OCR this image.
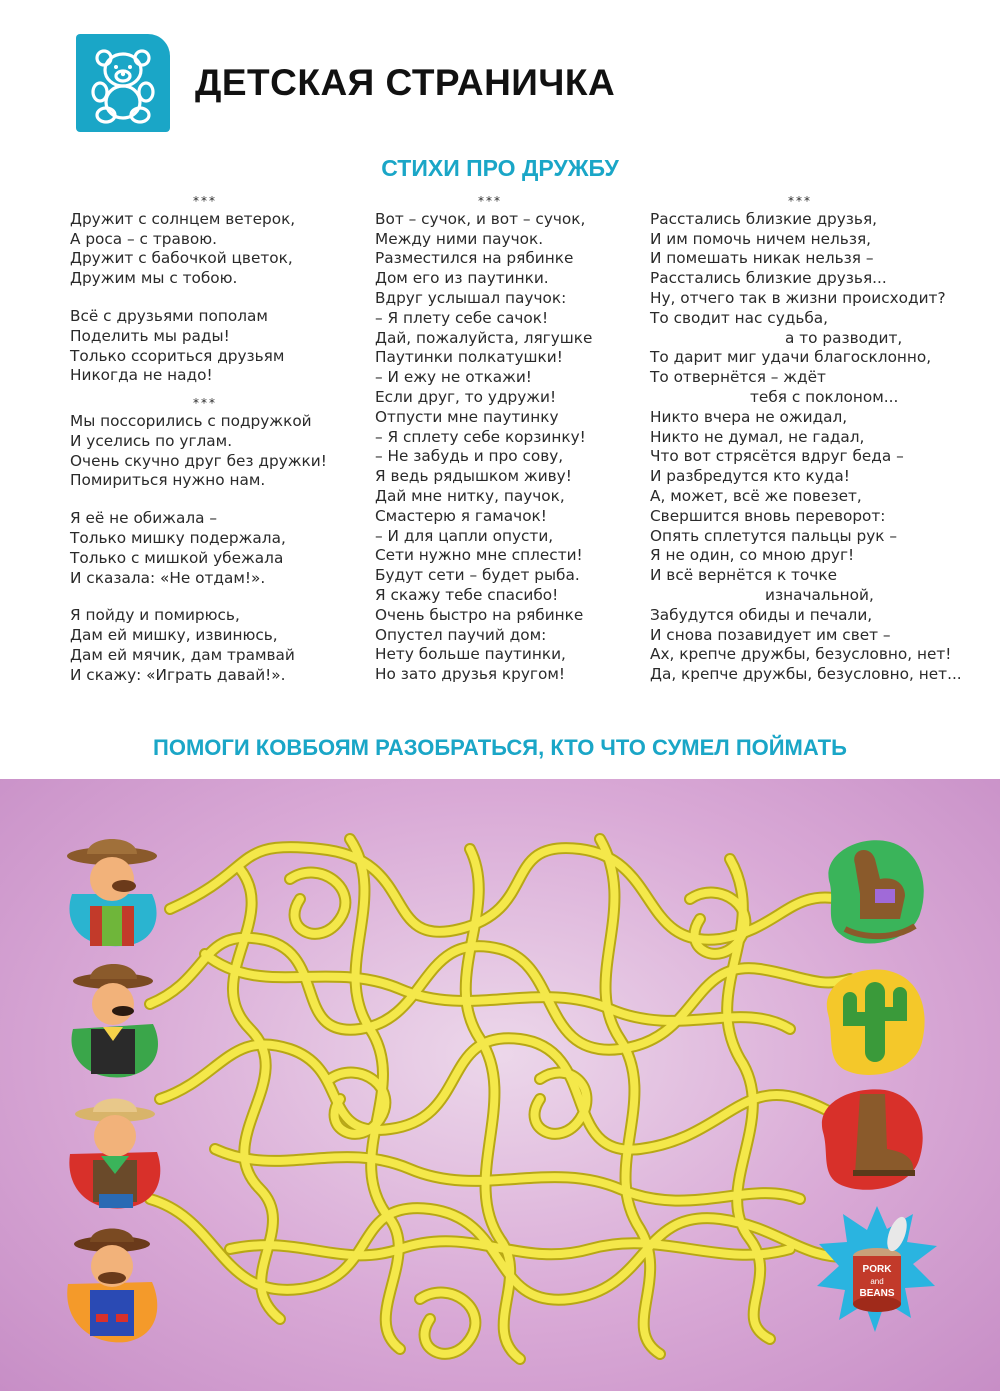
ДЕТСКАЯ СТРАНИЧКА
СТИХИ ПРО ДРУЖБУ
***
Дружит с солнцем ветерок,
А роса – с травою.
Дружит с бабочкой цветок,
Дружим мы с тобою.
Всё с друзьями пополам
Поделить мы рады!
Только ссориться друзьям
Никогда не надо!
***
Мы поссорились с подружкой
И уселись по углам.
Очень скучно друг без дружки!
Помириться нужно нам.
Я её не обижала –
Только мишку подержала,
Только с мишкой убежала
И сказала: «Не отдам!».
Я пойду и помирюсь,
Дам ей мишку, извинюсь,
Дам ей мячик, дам трамвай
И скажу: «Играть давай!».
***
Вот – сучок, и вот – сучок,
Между ними паучок.
Разместился на рябинке
Дом его из паутинки.
Вдруг услышал паучок:
– Я плету себе сачок!
Дай, пожалуйста, лягушке
Паутинки полкатушки!
– И ежу не откажи!
Если друг, то удружи!
Отпусти мне паутинку
– Я сплету себе корзинку!
– Не забудь и про сову,
Я ведь рядышком живу!
Дай мне нитку, паучок,
Смастерю я гамачок!
– И для цапли опусти,
Сети нужно мне сплести!
Будут сети – будет рыба.
Я скажу тебе спасибо!
Очень быстро на рябинке
Опустел паучий дом:
Нету больше паутинки,
Но зато друзья кругом!
***
Расстались близкие друзья,
И им помочь ничем нельзя,
И помешать никак нельзя –
Расстались близкие друзья...
Ну, отчего так в жизни происходит?
То сводит нас судьба,
а то разводит,
То дарит миг удачи благосклонно,
То отвернётся – ждёт
тебя с поклоном...
Никто вчера не ожидал,
Никто не думал, не гадал,
Что вот стрясётся вдруг беда –
И разбредутся кто куда!
А, может, всё же повезет,
Свершится вновь переворот:
Опять сплетутся пальцы рук –
Я не один, со мною друг!
И всё вернётся к точке
изначальной,
Забудутся обиды и печали,
И снова позавидует им свет –
Ах, крепче дружбы, безусловно, нет!
Да, крепче дружбы, безусловно, нет...
ПОМОГИ КОВБОЯМ РАЗОБРАТЬСЯ, КТО ЧТО СУМЕЛ ПОЙМАТЬ
PORK
and
BEANS
